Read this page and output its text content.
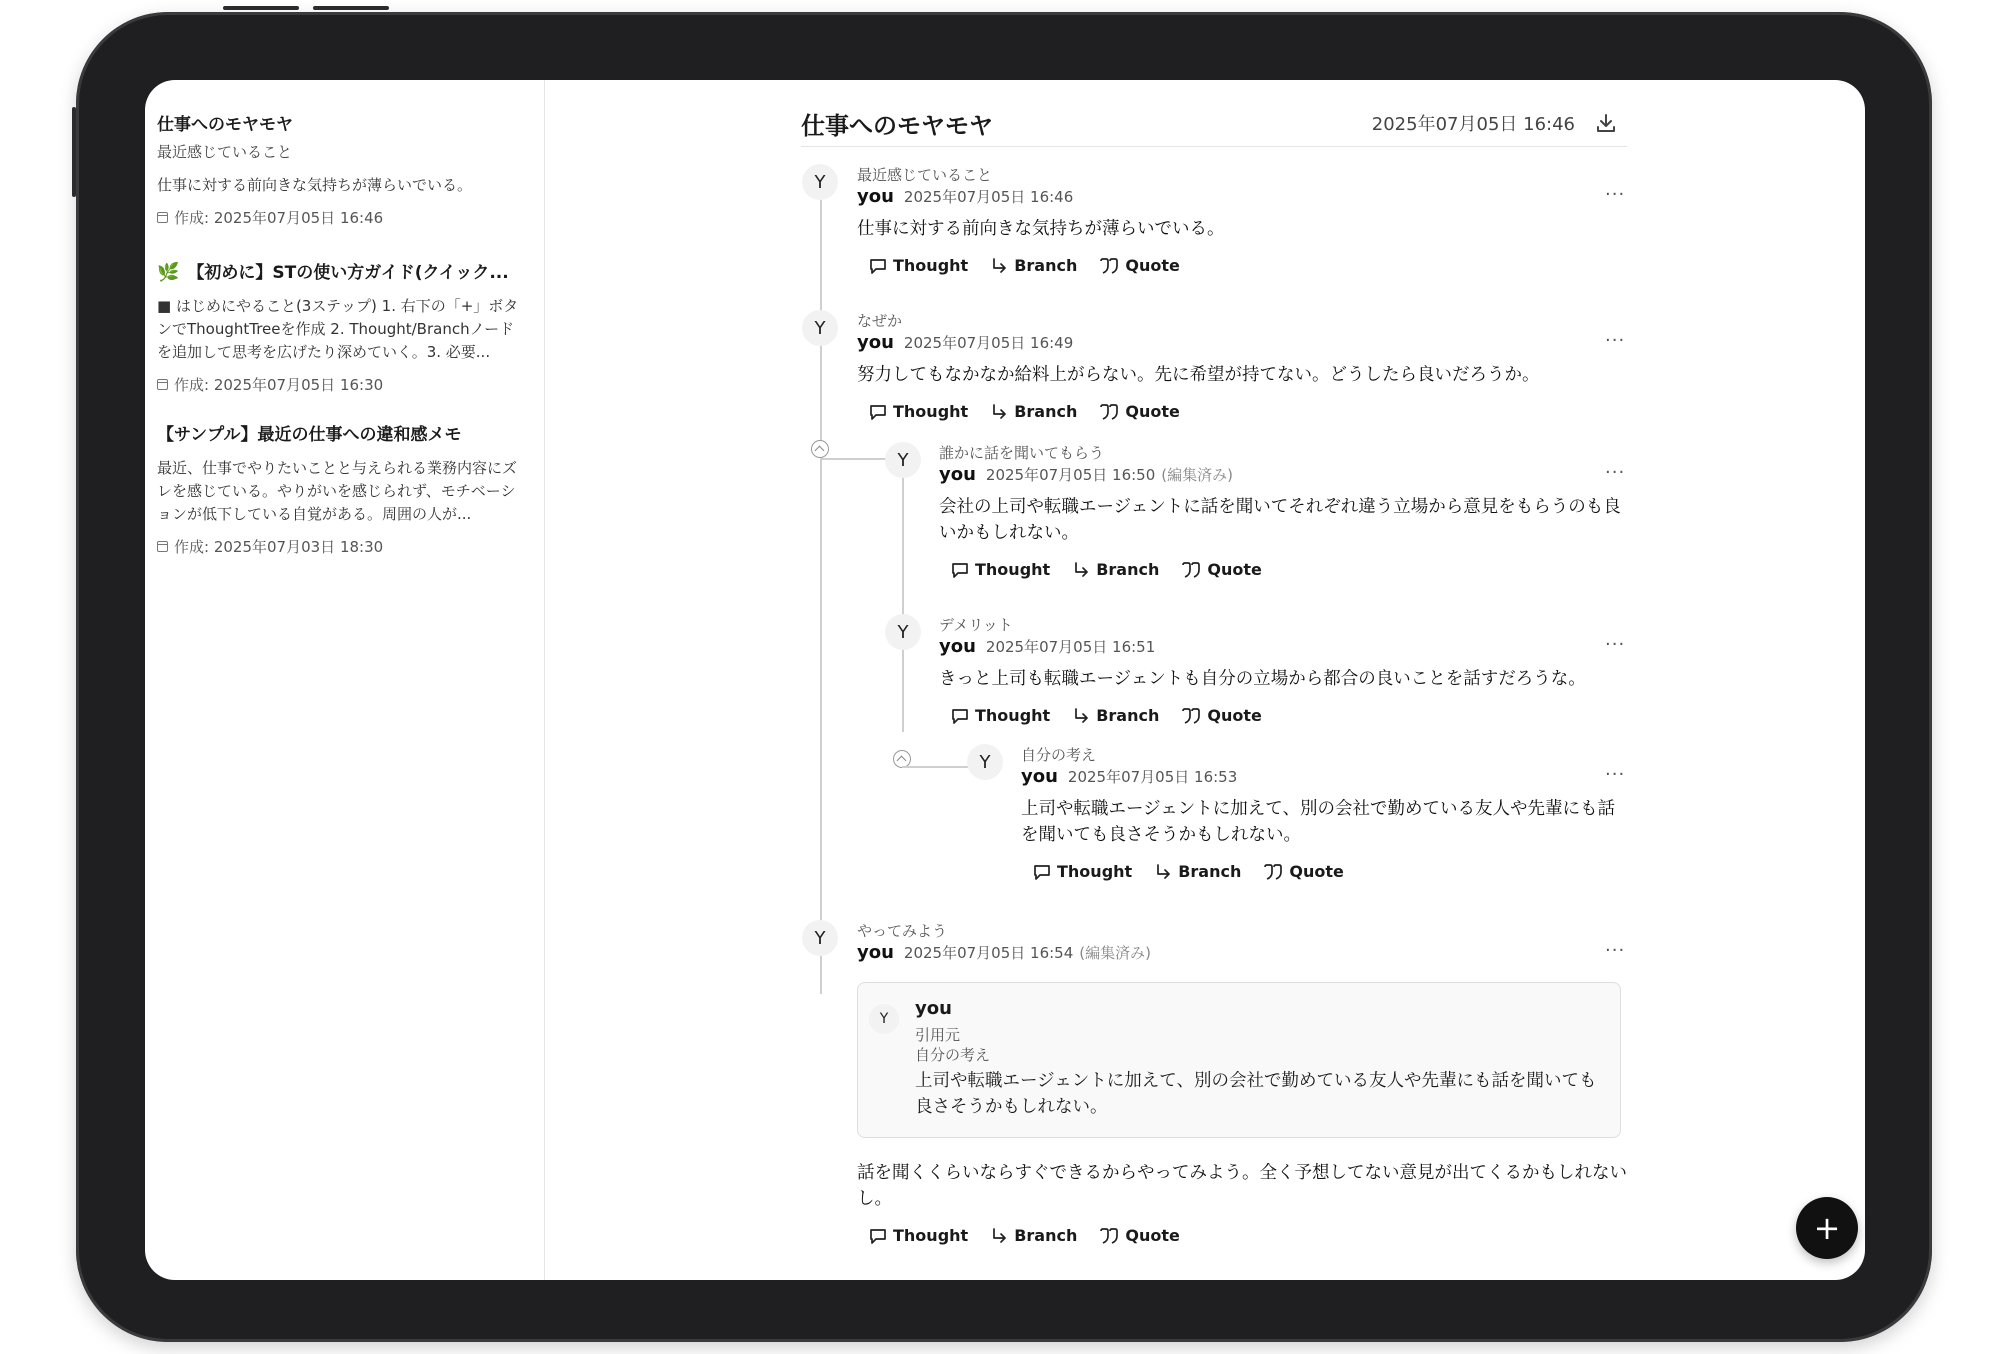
仕事へのモヤモヤ
最近感じていること
仕事に対する前向きな気持ちが薄らいでいる。
作成: 2025年07月05日 16:46
🌿 【初めに】STの使い方ガイド(クイック...
■ はじめにやること(3ステップ) 1. 右下の「+」ボタンでThoughtTreeを作成 2. Thought/Branchノードを追加して思考を広げたり深めていく。3. 必要...
作成: 2025年07月05日 16:30
【サンプル】最近の仕事への違和感メモ
最近、仕事でやりたいことと与えられる業務内容にズレを感じている。やりがいを感じられず、モチベーションが低下している自覚がある。周囲の人が...
作成: 2025年07月03日 18:30
仕事へのモヤモヤ	2025年07月05日 16:46
Y	最近感じていること
you 2025年07月05日 16:46	···
仕事に対する前向きな気持ちが薄らいでいる。
Thought	Branch	Quote
Y	なぜか
you 2025年07月05日 16:49	···
努力してもなかなか給料上がらない。先に希望が持てない。どうしたら良いだろうか。
Thought	Branch	Quote
Y	誰かに話を聞いてもらう
you 2025年07月05日 16:50 (編集済み)	···
会社の上司や転職エージェントに話を聞いてそれぞれ違う立場から意見をもらうのも良いかもしれない。
Thought	Branch	Quote
Y	デメリット
you 2025年07月05日 16:51	···
きっと上司も転職エージェントも自分の立場から都合の良いことを話すだろうな。
Thought	Branch	Quote
Y	自分の考え
you 2025年07月05日 16:53	···
上司や転職エージェントに加えて、別の会社で勤めている友人や先輩にも話を聞いても良さそうかもしれない。
Thought	Branch	Quote
Y	やってみよう
you 2025年07月05日 16:54 (編集済み)	···
Y	you
引用元
自分の考え
上司や転職エージェントに加えて、別の会社で勤めている友人や先輩にも話を聞いても良さそうかもしれない。
話を聞くくらいならすぐできるからやってみよう。全く予想してない意見が出てくるかもしれないし。
Thought	Branch	Quote	+
